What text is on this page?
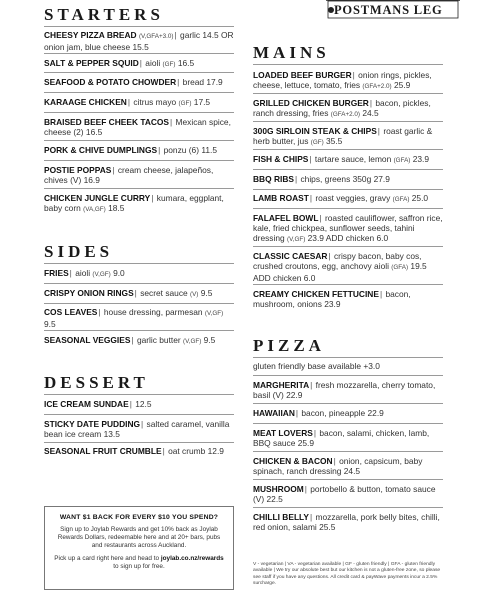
POSTMANS LEG
STARTERS
CHEESY PIZZA BREAD (V,GFA+3.0)| garlic 14.5 OR onion jam, blue cheese 15.5
SALT & PEPPER SQUID| aioli (GF) 16.5
SEAFOOD & POTATO CHOWDER| bread 17.9
KARAAGE CHICKEN| citrus mayo (GF) 17.5
BRAISED BEEF CHEEK TACOS| Mexican spice, cheese (2) 16.5
PORK & CHIVE DUMPLINGS| ponzu (6) 11.5
POSTIE POPPAS| cream cheese, jalapeños, chives (V) 16.9
CHICKEN JUNGLE CURRY| kumara, eggplant, baby corn (VA,GF) 18.5
SIDES
FRIES| aioli (V,GF) 9.0
CRISPY ONION RINGS| secret sauce (V) 9.5
COS LEAVES| house dressing, parmesan (V,GF) 9.5
SEASONAL VEGGIES| garlic butter (V,GF) 9.5
DESSERT
ICE CREAM SUNDAE| 12.5
STICKY DATE PUDDING| salted caramel, vanilla bean ice cream 13.5
SEASONAL FRUIT CRUMBLE| oat crumb 12.9
MAINS
LOADED BEEF BURGER| onion rings, pickles, cheese, lettuce, tomato, fries (GFA+2.0) 25.9
GRILLED CHICKEN BURGER| bacon, pickles, ranch dressing, fries (GFA+2.0) 24.5
300G SIRLOIN STEAK & CHIPS| roast garlic & herb butter, jus (GF) 35.5
FISH & CHIPS| tartare sauce, lemon (GFA) 23.9
BBQ RIBS| chips, greens 350g 27.9
LAMB ROAST| roast veggies, gravy (GFA) 25.0
FALAFEL BOWL| roasted cauliflower, saffron rice, kale, fried chickpea, sunflower seeds, tahini dressing (V,GF) 23.9 ADD chicken 6.0
CLASSIC CAESAR| crispy bacon, baby cos, crushed croutons, egg, anchovy aioli (GFA) 19.5 ADD chicken 6.0
CREAMY CHICKEN FETTUCINE| bacon, mushroom, onions 23.9
PIZZA
gluten friendly base available +3.0
MARGHERITA| fresh mozzarella, cherry tomato, basil (V) 22.9
HAWAIIAN| bacon, pineapple 22.9
MEAT LOVERS| bacon, salami, chicken, lamb, BBQ sauce 25.9
CHICKEN & BACON| onion, capsicum, baby spinach, ranch dressing 24.5
MUSHROOM| portobello & button, tomato sauce (V) 22.5
CHILLI BELLY| mozzarella, pork belly bites, chilli, red onion, salami 25.5
WANT $1 BACK FOR EVERY $10 YOU SPEND?
Sign up to Joylab Rewards and get 10% back as Joylab Rewards Dollars, redeemable here and at 20+ bars, pubs and restaurants across Auckland.
Pick up a card right here and head to joylab.co.nz/rewards to sign up for free.	V - vegetarian | VA - vegetarian available | GF - gluten friendly | GFA - gluten friendly available | We try our absolute best but our kitchen is not a gluten-free zone, so please see staff if you have any questions. All credit card & payWave payments incur a 2.5% surcharge.
